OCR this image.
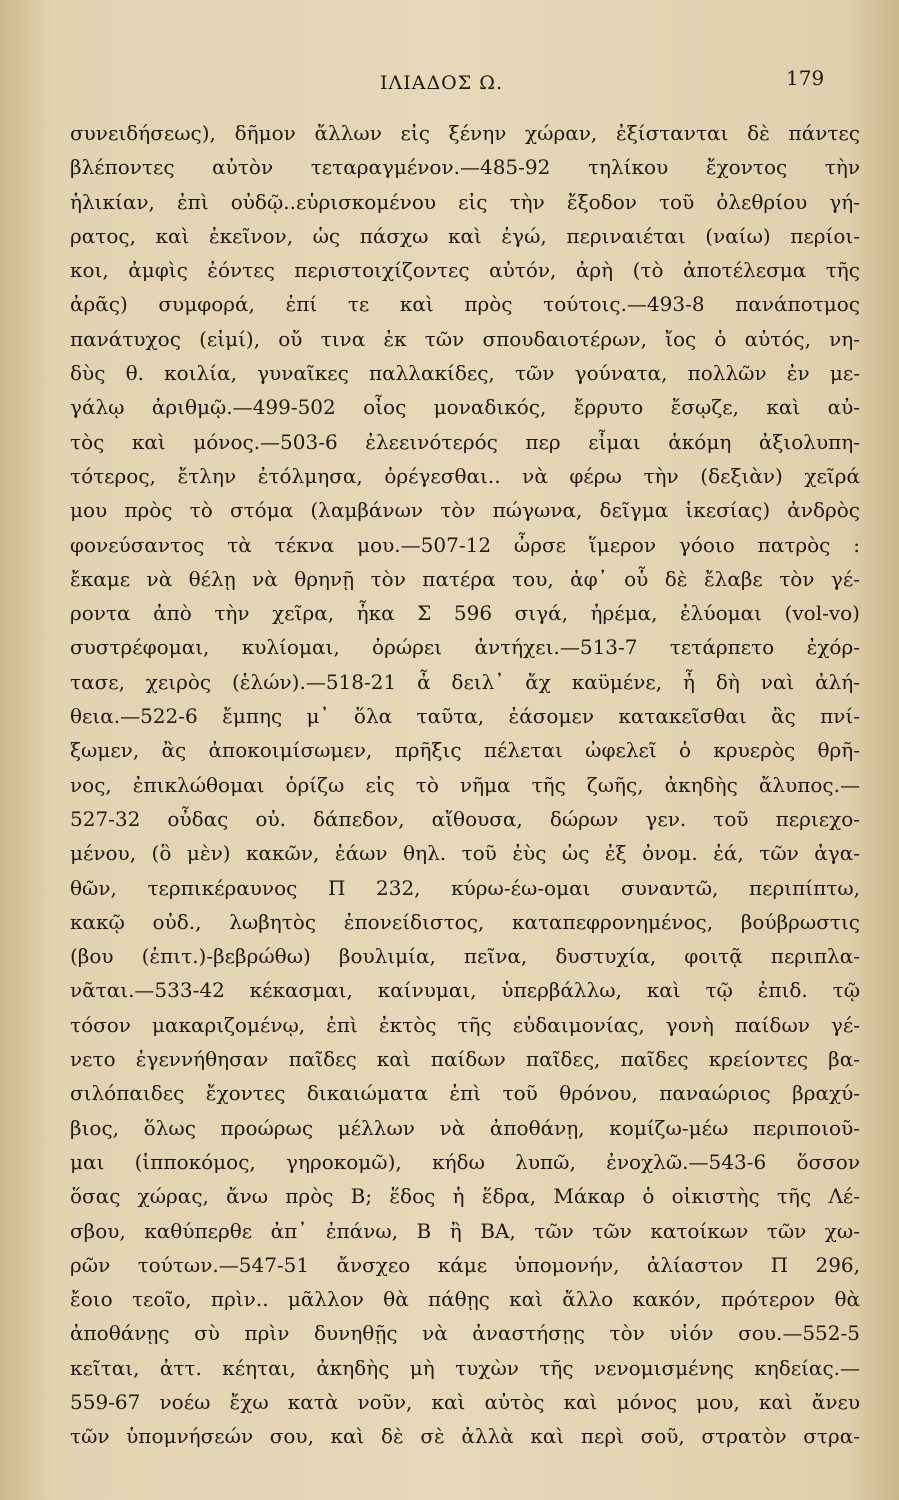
ΙΛΙΑΔΟΣ Ω.	179
συνειδήσεως), δῆμον ἄλλων εἰς ξένην χώραν, ἐξίστανται δὲ πάντες
βλέποντες αὐτὸν τεταραγμένον.—485-92 τηλίκου ἔχοντος τὴν
ἡλικίαν, ἐπὶ οὐδῷ..εὑρισκομένου εἰς τὴν ἔξοδον τοῦ ὀλεθρίου γή-
ρατος, καὶ ἐκεῖνον, ὡς πάσχω καὶ ἐγώ, περιναιέται (ναίω) περίοι-
κοι, ἀμφὶς ἐόντες περιστοιχίζοντες αὐτόν, ἀρὴ (τὸ ἀποτέλεσμα τῆς
ἀρᾶς) συμφορά, ἐπί τε καὶ πρὸς τούτοις.—493-8 πανάποτμος
πανάτυχος (εἰμί), οὔ τινα ἐκ τῶν σπουδαιοτέρων, ἴος ὁ αὐτός, νη-
δὺς θ. κοιλία, γυναῖκες παλλακίδες, τῶν γούνατα, πολλῶν ἐν με-
γάλῳ ἀριθμῷ.—499-502 οἶος μοναδικός, ἔρρυτο ἔσῳζε, καὶ αὐ-
τὸς καὶ μόνος.—503-6 ἐλεεινότερός περ εἶμαι ἀκόμη ἀξιολυπη-
τότερος, ἔτλην ἐτόλμησα, ὀρέγεσθαι.. νὰ φέρω τὴν (δεξιὰν) χεῖρά
μου πρὸς τὸ στόμα (λαμβάνων τὸν πώγωνα, δεῖγμα ἱκεσίας) ἀνδρὸς
φονεύσαντος τὰ τέκνα μου.—507-12 ὦρσε ἵμερον γόοιο πατρὸς :
ἔκαμε νὰ θέλῃ νὰ θρηνῇ τὸν πατέρα του, ἀφ᾽ οὗ δὲ ἔλαβε τὸν γέ-
ροντα ἀπὸ τὴν χεῖρα, ἦκα Σ 596 σιγά, ἠρέμα, ἐλύομαι (vol-vo)
συστρέφομαι, κυλίομαι, ὀρώρει ἀντήχει.—513-7 τετάρπετο ἐχόρ-
τασε, χειρὸς (ἑλών).—518-21 ἆ δειλ᾽ ἄχ καϋμένε, ἦ δὴ ναὶ ἀλή-
θεια.—522-6 ἔμπης μ᾽ ὅλα ταῦτα, ἐάσομεν κατακεῖσθαι ἂς πνί-
ξωμεν, ἂς ἀποκοιμίσωμεν, πρῆξις πέλεται ὠφελεῖ ὁ κρυερὸς θρῆ-
νος, ἐπικλώθομαι ὁρίζω εἰς τὸ νῆμα τῆς ζωῆς, ἀκηδὴς ἄλυπος.—
527-32 οὖδας οὐ. δάπεδον, αἴθουσα, δώρων γεν. τοῦ περιεχο-
μένου, (ὃ μὲν) κακῶν, ἑάων θηλ. τοῦ ἐὺς ὡς ἐξ ὀνομ. ἐά, τῶν ἀγα-
θῶν, τερπικέραυνος Π 232, κύρω-έω-ομαι συναντῶ, περιπίπτω,
κακῷ οὐδ., λωβητὸς ἐπονείδιστος, καταπεφρονημένος, βούβρωστις
(βου (ἐπιτ.)-βεβρώθω) βουλιμία, πεῖνα, δυστυχία, φοιτᾷ περιπλα-
νᾶται.—533-42 κέκασμαι, καίνυμαι, ὑπερβάλλω, καὶ τῷ ἐπιδ. τῷ
τόσον μακαριζομένῳ, ἐπὶ ἐκτὸς τῆς εὐδαιμονίας, γονὴ παίδων γέ-
νετο ἐγεννήθησαν παῖδες καὶ παίδων παῖδες, παῖδες κρείοντες βα-
σιλόπαιδες ἔχοντες δικαιώματα ἐπὶ τοῦ θρόνου, παναώριος βραχύ-
βιος, ὅλως προώρως μέλλων νὰ ἀποθάνῃ, κομίζω-μέω περιποιοῦ-
μαι (ἱπποκόμος, γηροκομῶ), κήδω λυπῶ, ἐνοχλῶ.—543-6 ὅσσον
ὅσας χώρας, ἄνω πρὸς Β; ἕδος ἡ ἕδρα, Μάκαρ ὁ οἰκιστὴς τῆς Λέ-
σβου, καθύπερθε ἀπ᾽ ἐπάνω, Β ἢ ΒΑ, τῶν τῶν κατοίκων τῶν χω-
ρῶν τούτων.—547-51 ἄνσχεο κάμε ὑπομονήν, ἀλίαστον Π 296,
ἔοιο τεοῖο, πρὶν.. μᾶλλον θὰ πάθῃς καὶ ἄλλο κακόν, πρότερον θὰ
ἀποθάνῃς σὺ πρὶν δυνηθῇς νὰ ἀναστήσῃς τὸν υἱόν σου.—552-5
κεῖται, ἀττ. κέηται, ἀκηδὴς μὴ τυχὼν τῆς νενομισμένης κηδείας.—
559-67 νοέω ἔχω κατὰ νοῦν, καὶ αὐτὸς καὶ μόνος μου, καὶ ἄνευ
τῶν ὑπομνήσεών σου, καὶ δὲ σὲ ἀλλὰ καὶ περὶ σοῦ, στρατὸν στρα-
